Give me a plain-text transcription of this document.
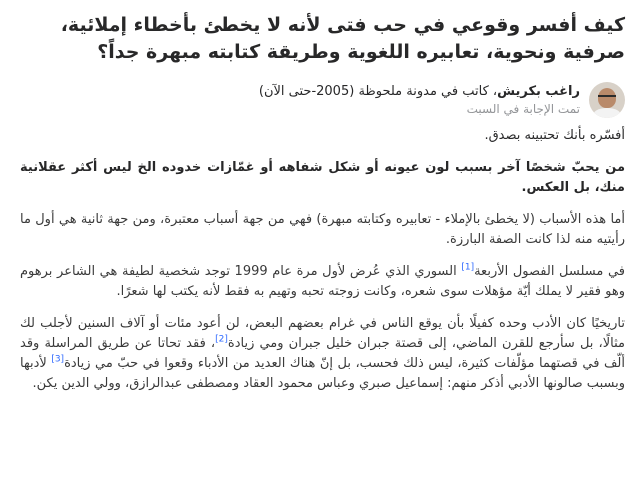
كيف أفسر وقوعي في حب فتى لأنه لا يخطئ بأخطاء إملائية، صرفية ونحوية، تعابيره اللغوية وطريقة كتابته مبهرة جداً؟
راغب بكريش، كاتب في مدونة ملحوظة (2005-حتى الآن)
تمت الإجابة في السبت

أفسّره بأنك تحتبينه بصدق.

من يحبّ شخصًا آخر بسبب لون عيونه أو شكل شفاهه أو غمّازات خدوده الخ ليس أكثر عقلانية منك، بل العكس.

أما هذه الأسباب (لا يخطئ بالإملاء - تعابيره وكتابته مبهرة) فهي من جهة أسباب معتبرة، ومن جهة ثانية هي أول ما رأيتيه منه لذا كانت الصفة البارزة.

في مسلسل الفصول الأربعة[1] السوري الذي عُرض لأول مرة عام 1999 توجد شخصية لطيفة هي الشاعر برهوم وهو فقير لا يملك أيّة مؤهلات سوى شعره، وكانت زوجته تحبه وتهيم به فقط لأنه يكتب لها شعرًا.

تاريخيًا كان الأدب وحده كفيلًا بأن يوقع الناس في غرام بعضهم البعض، لن أعود مئات أو آلاف السنين لأجلب لك مثالًا، بل سأرجع للقرن الماضي، إلى قصتة جبران خليل جبران ومي زيادة[2]، فقد تحاتا عن طريق المراسلة وقد ألّف في قصتهما مؤلّفات كثيرة، ليس ذلك فحسب، بل إنّ هناك العديد من الأدباء وقعوا في حبّ مي زيادة[3] لأدبها وبسبب صالونها الأدبي أذكر منهم: إسماعيل صبري وعباس محمود العقاد ومصطفى عبدالرازق، وولي الدين يكن.
